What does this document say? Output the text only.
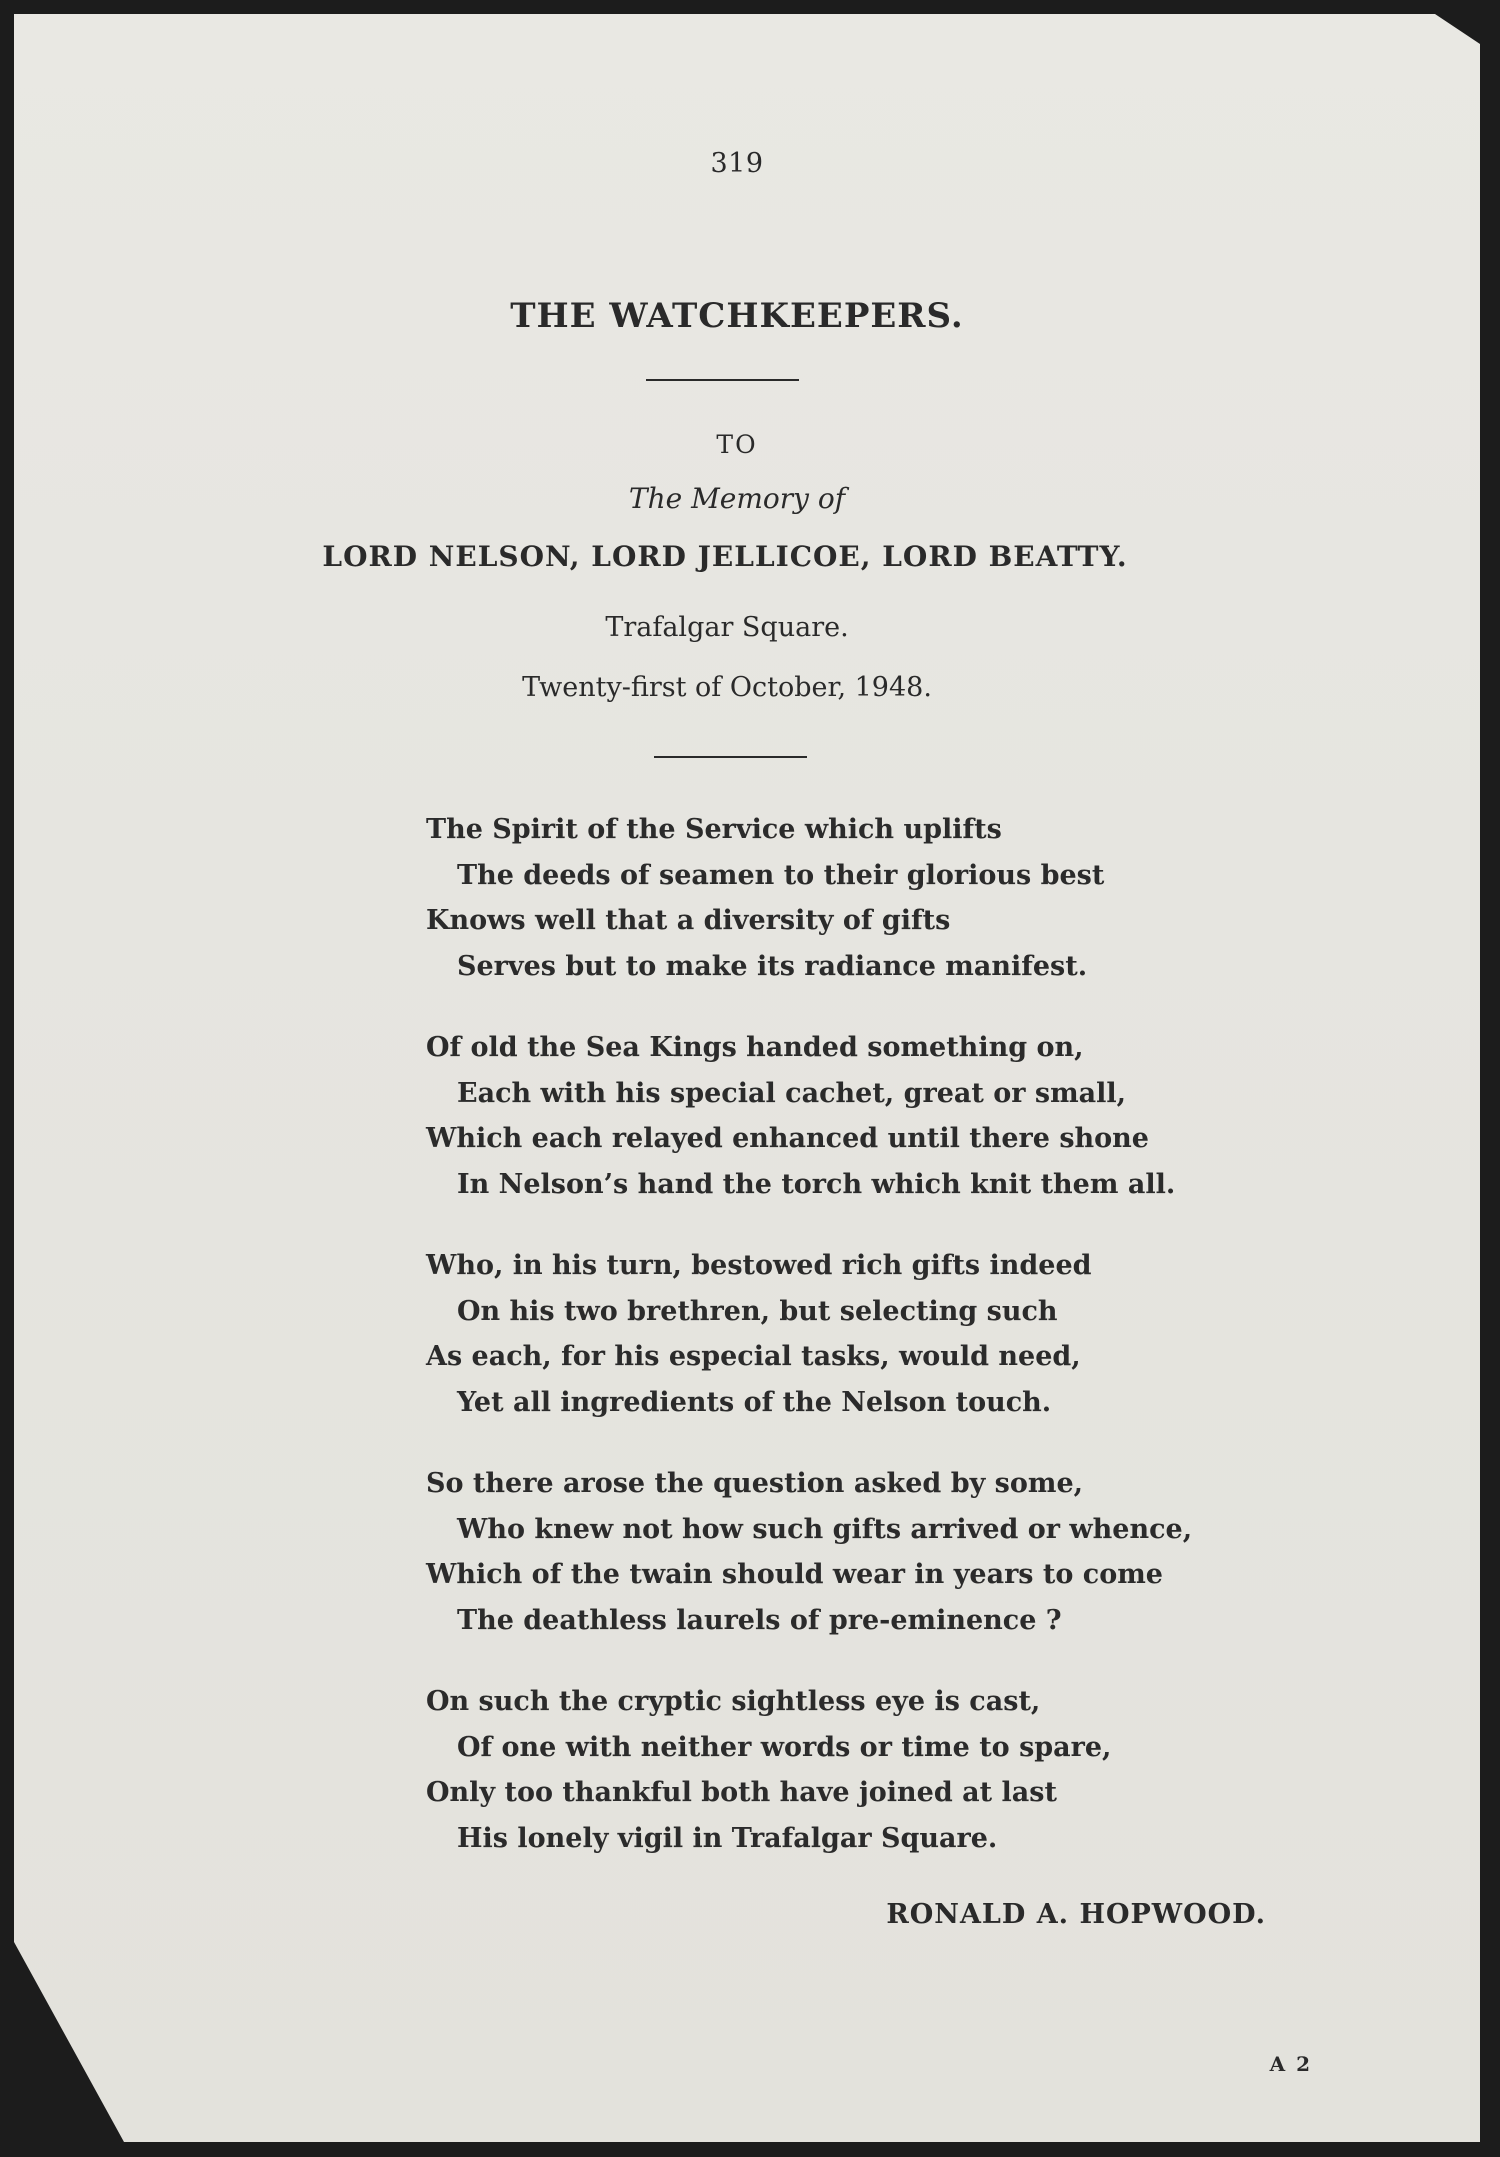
319
THE WATCHKEEPERS.
TO
The Memory of
LORD NELSON, LORD JELLICOE, LORD BEATTY.
Trafalgar Square.
Twenty-first of October, 1948.
The Spirit of the Service which uplifts
The deeds of seamen to their glorious best
Knows well that a diversity of gifts
Serves but to make its radiance manifest.
Of old the Sea Kings handed something on,
Each with his special cachet, great or small,
Which each relayed enhanced until there shone
In Nelson’s hand the torch which knit them all.
Who, in his turn, bestowed rich gifts indeed
On his two brethren, but selecting such
As each, for his especial tasks, would need,
Yet all ingredients of the Nelson touch.
So there arose the question asked by some,
Who knew not how such gifts arrived or whence,
Which of the twain should wear in years to come
The deathless laurels of pre-eminence ?
On such the cryptic sightless eye is cast,
Of one with neither words or time to spare,
Only too thankful both have joined at last
His lonely vigil in Trafalgar Square.
RONALD A. HOPWOOD.
A 2
